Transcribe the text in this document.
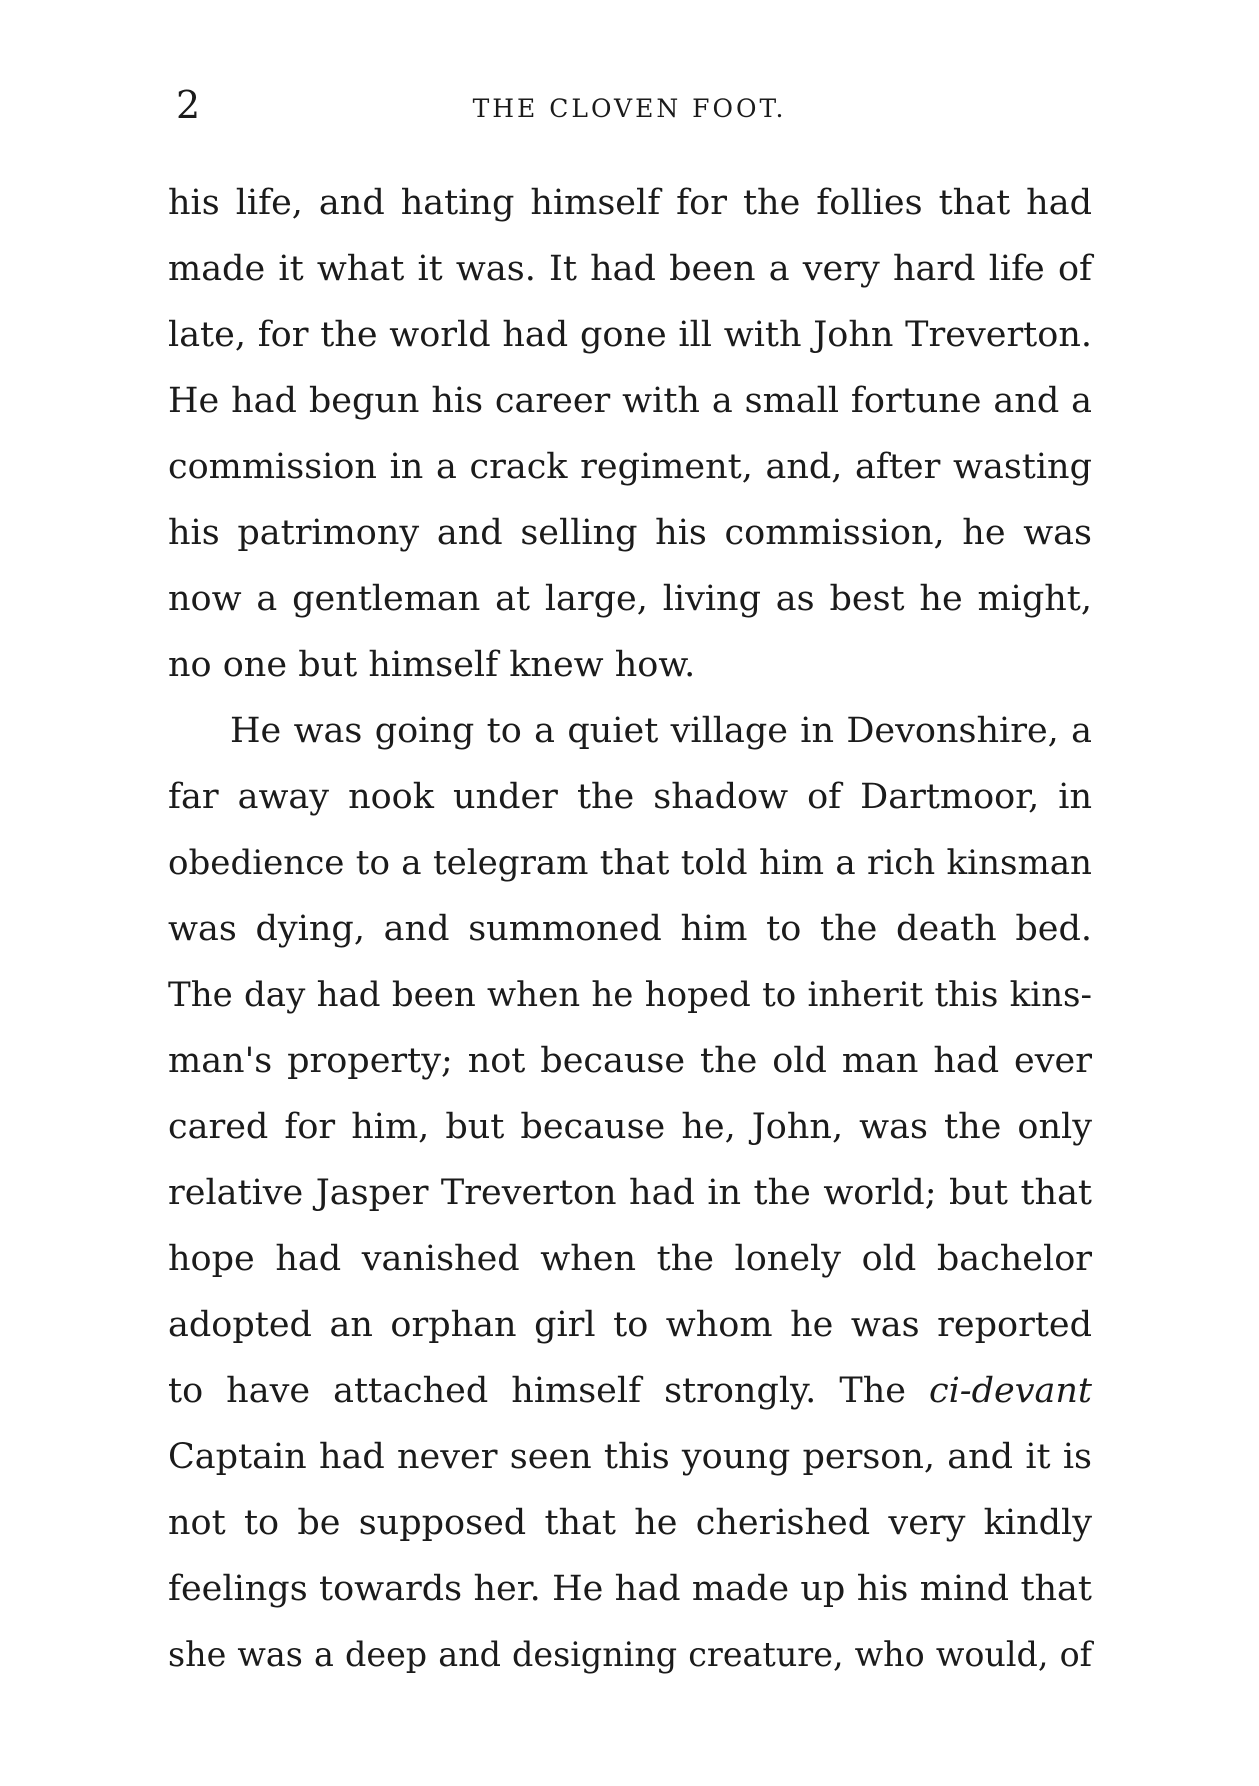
2	THE CLOVEN FOOT.
his life, and hating himself for the follies that had
made it what it was. It had been a very hard life of
late, for the world had gone ill with John Treverton.
He had begun his career with a small fortune and a
commission in a crack regiment, and, after wasting
his patrimony and selling his commission, he was
now a gentleman at large, living as best he might,
no one but himself knew how.
He was going to a quiet village in Devonshire, a
far away nook under the shadow of Dartmoor, in
obedience to a telegram that told him a rich kinsman
was dying, and summoned him to the death bed.
The day had been when he hoped to inherit this kins-
man's property; not because the old man had ever
cared for him, but because he, John, was the only
relative Jasper Treverton had in the world; but that
hope had vanished when the lonely old bachelor
adopted an orphan girl to whom he was reported
to have attached himself strongly. The ci-devant
Captain had never seen this young person, and it is
not to be supposed that he cherished very kindly
feelings towards her. He had made up his mind that
she was a deep and designing creature, who would, of
